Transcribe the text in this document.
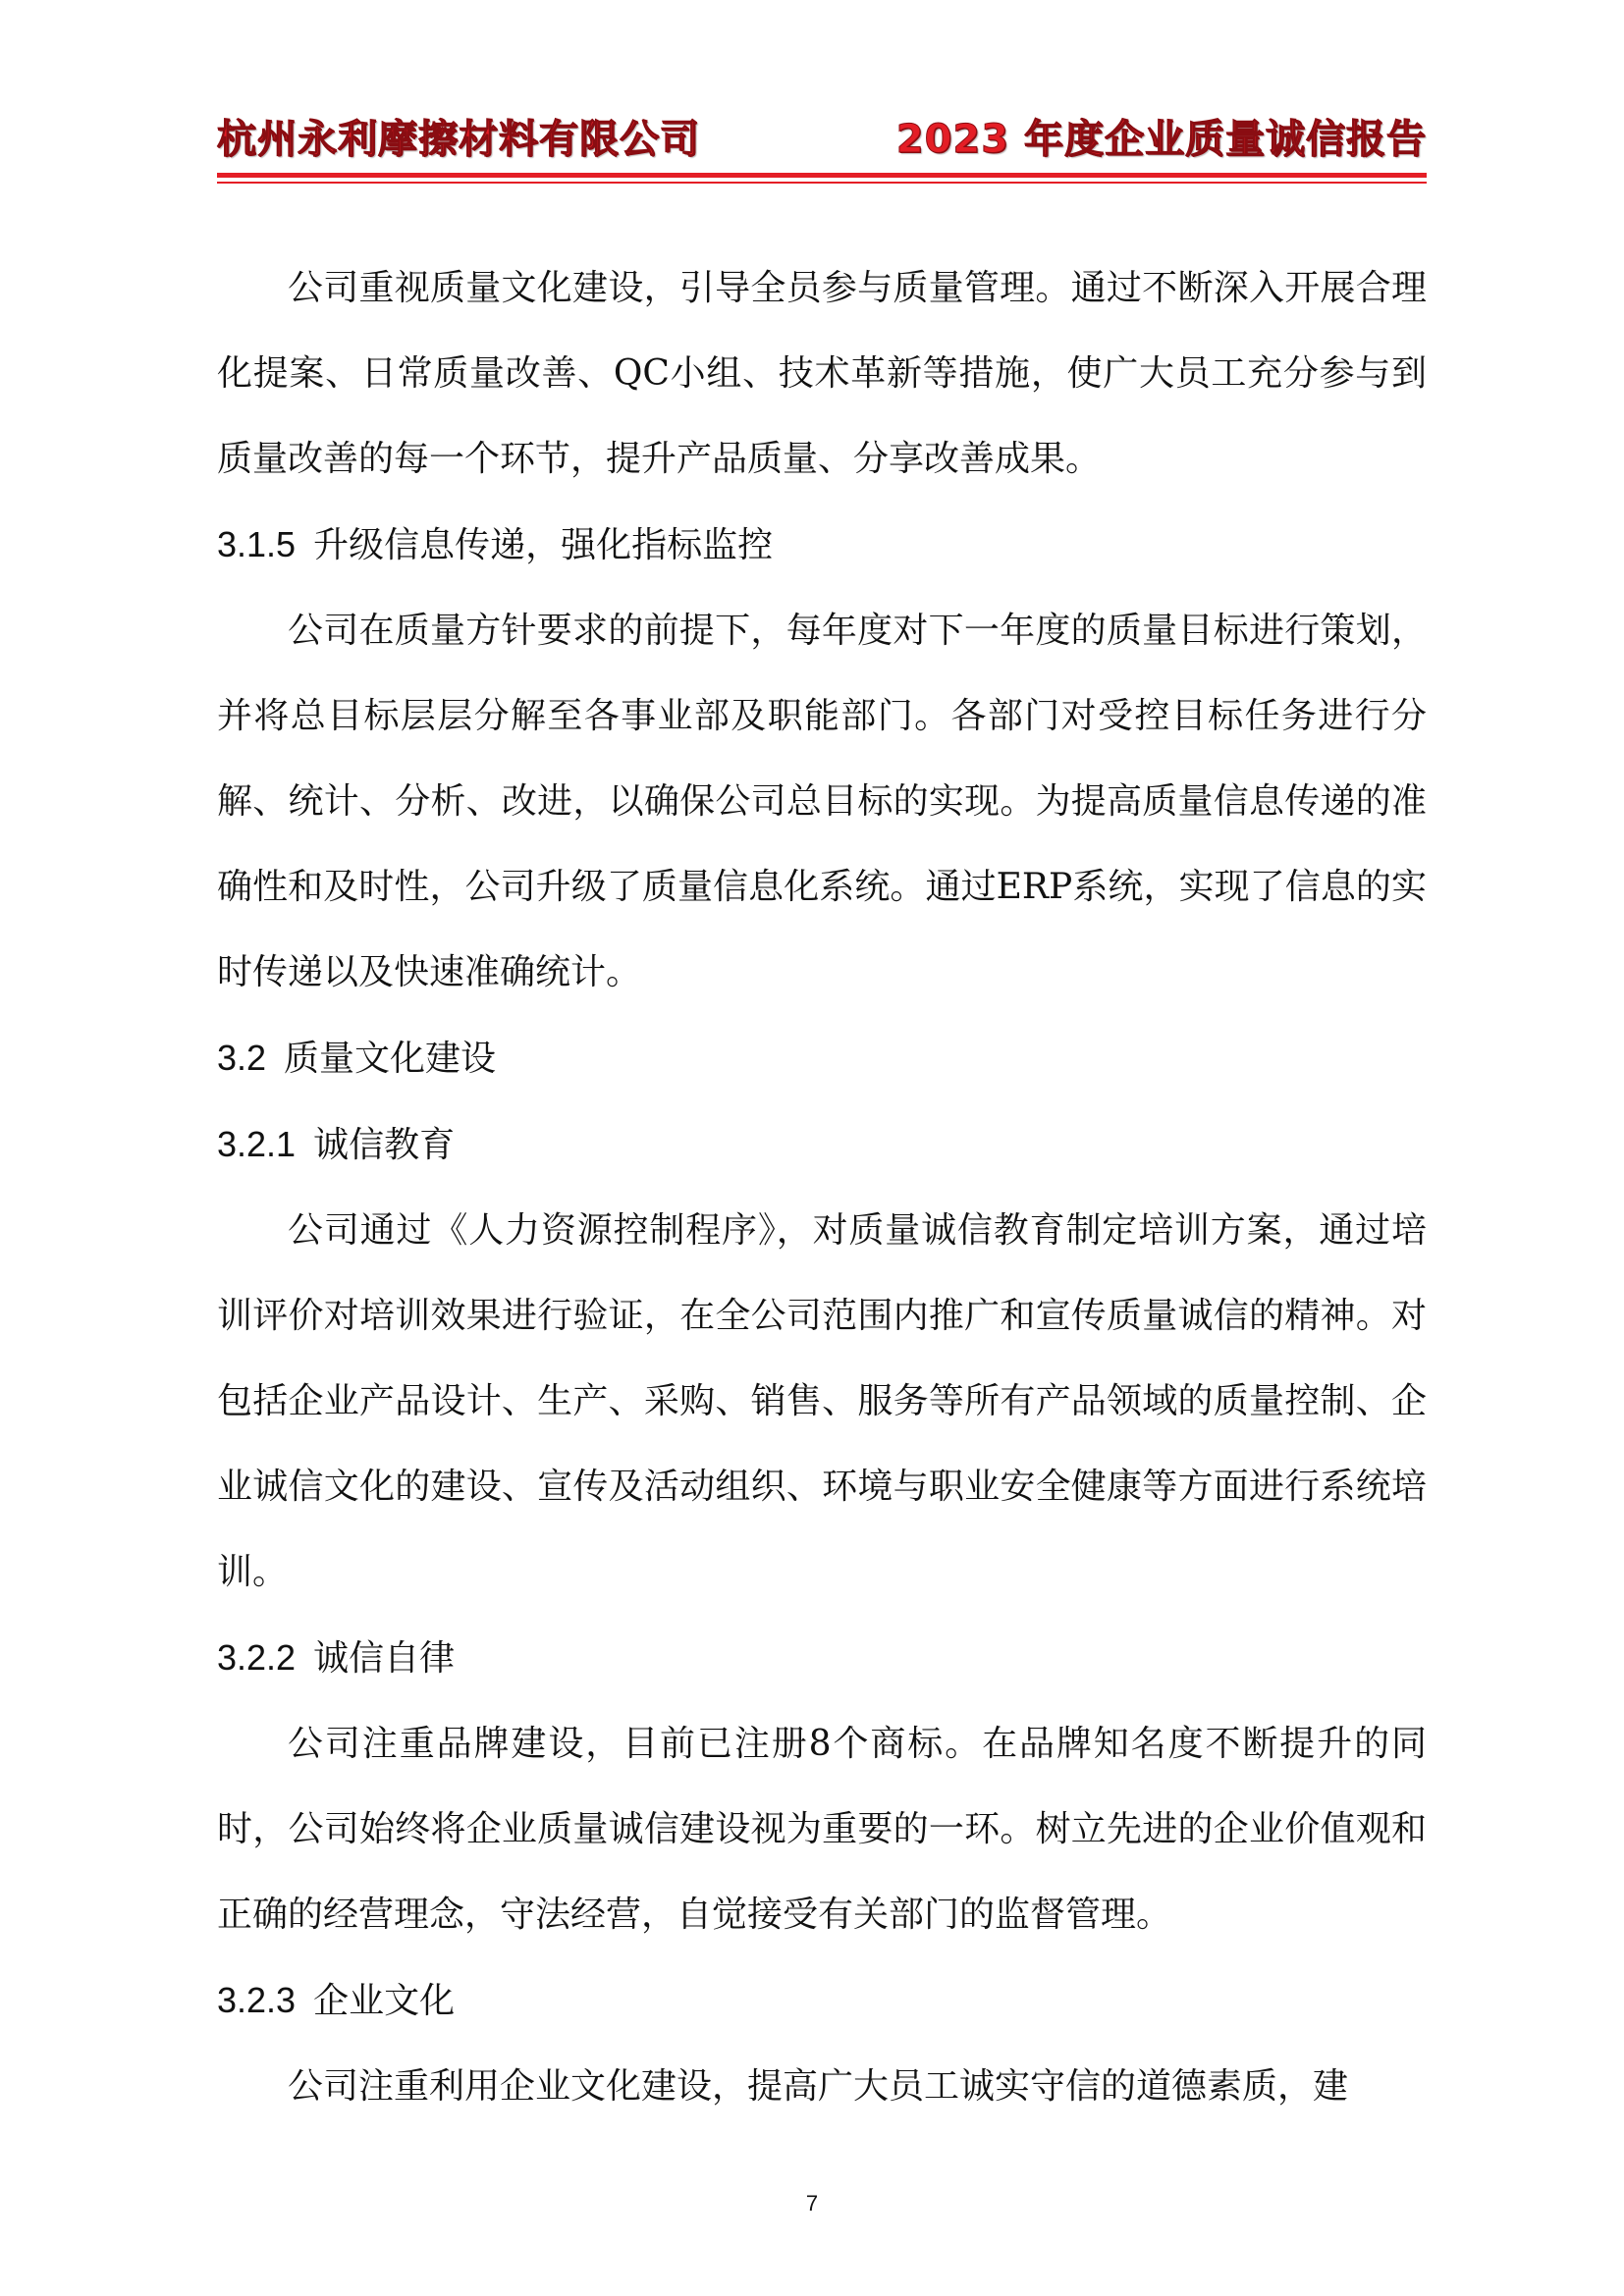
杭州永利摩擦材料有限公司	2023 年度企业质量诚信报告

公司重视质量文化建设，引导全员参与质量管理。通过不断深入开展合理化提案、日常质量改善、QC小组、技术革新等措施，使广大员工充分参与到质量改善的每一个环节，提升产品质量、分享改善成果。

3.1.5 升级信息传递，强化指标监控

公司在质量方针要求的前提下，每年度对下一年度的质量目标进行策划，并将总目标层层分解至各事业部及职能部门。各部门对受控目标任务进行分解、统计、分析、改进，以确保公司总目标的实现。为提高质量信息传递的准确性和及时性，公司升级了质量信息化系统。通过ERP系统，实现了信息的实时传递以及快速准确统计。

3.2 质量文化建设
3.2.1 诚信教育

公司通过《人力资源控制程序》，对质量诚信教育制定培训方案，通过培训评价对培训效果进行验证，在全公司范围内推广和宣传质量诚信的精神。对包括企业产品设计、生产、采购、销售、服务等所有产品领域的质量控制、企业诚信文化的建设、宣传及活动组织、环境与职业安全健康等方面进行系统培训。

3.2.2 诚信自律

公司注重品牌建设，目前已注册8个商标。在品牌知名度不断提升的同时，公司始终将企业质量诚信建设视为重要的一环。树立先进的企业价值观和正确的经营理念，守法经营，自觉接受有关部门的监督管理。

3.2.3 企业文化

公司注重利用企业文化建设，提高广大员工诚实守信的道德素质，建

7
